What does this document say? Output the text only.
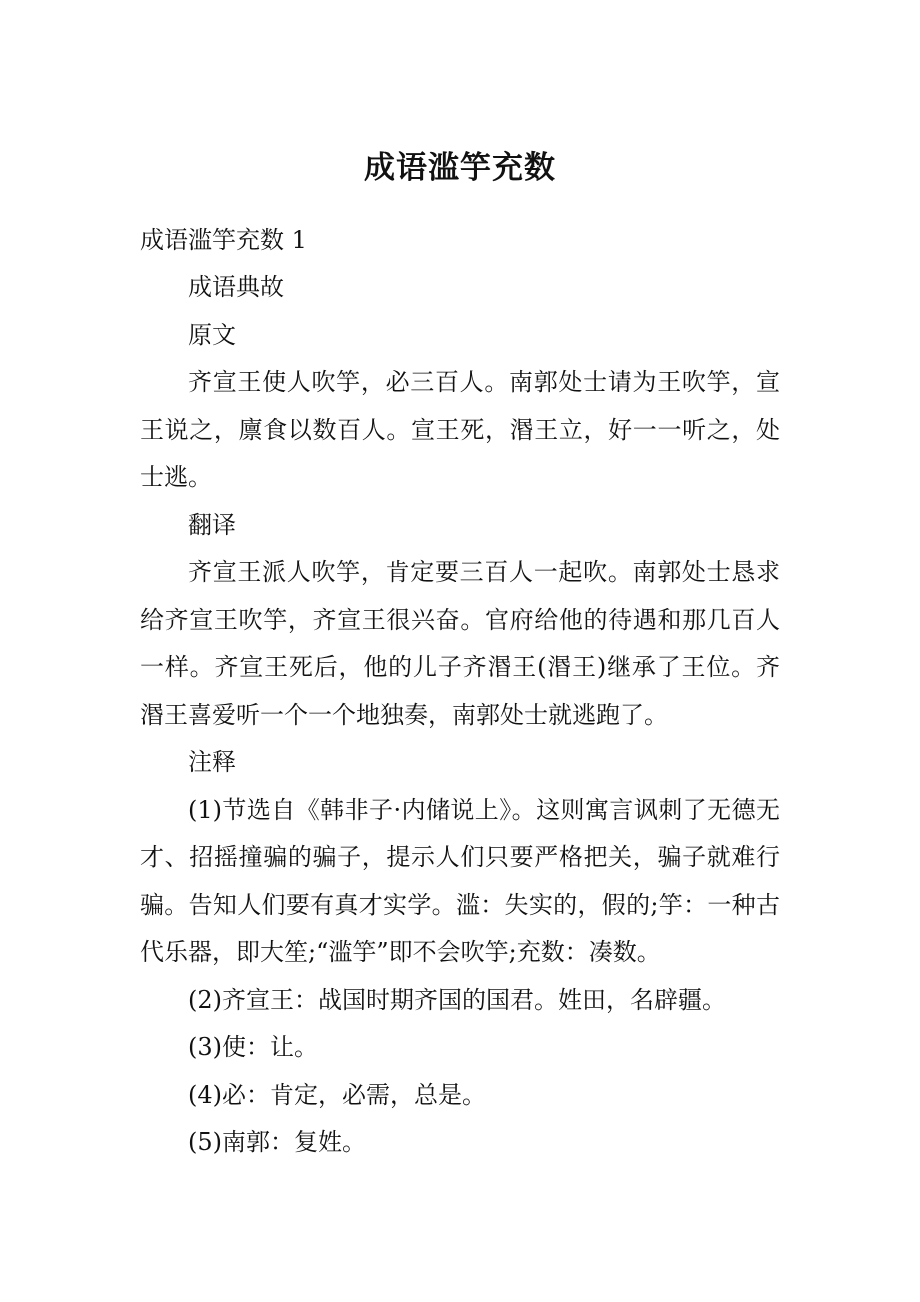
成语滥竽充数
成语滥竽充数 1

成语典故

原文

齐宣王使人吹竽，必三百人。南郭处士请为王吹竽，宣王说之，廪食以数百人。宣王死，湣王立，好一一听之，处士逃。

翻译

齐宣王派人吹竽，肯定要三百人一起吹。南郭处士恳求给齐宣王吹竽，齐宣王很兴奋。官府给他的待遇和那几百人一样。齐宣王死后，他的儿子齐湣王(湣王)继承了王位。齐湣王喜爱听一个一个地独奏，南郭处士就逃跑了。

注释

(1)节选自《韩非子·内储说上》。这则寓言讽刺了无德无才、招摇撞骗的骗子，提示人们只要严格把关，骗子就难行骗。告知人们要有真才实学。滥：失实的，假的;竽：一种古代乐器，即大笙;“滥竽”即不会吹竽;充数：凑数。

(2)齐宣王：战国时期齐国的国君。姓田，名辟疆。

(3)使：让。

(4)必：肯定，必需，总是。

(5)南郭：复姓。
